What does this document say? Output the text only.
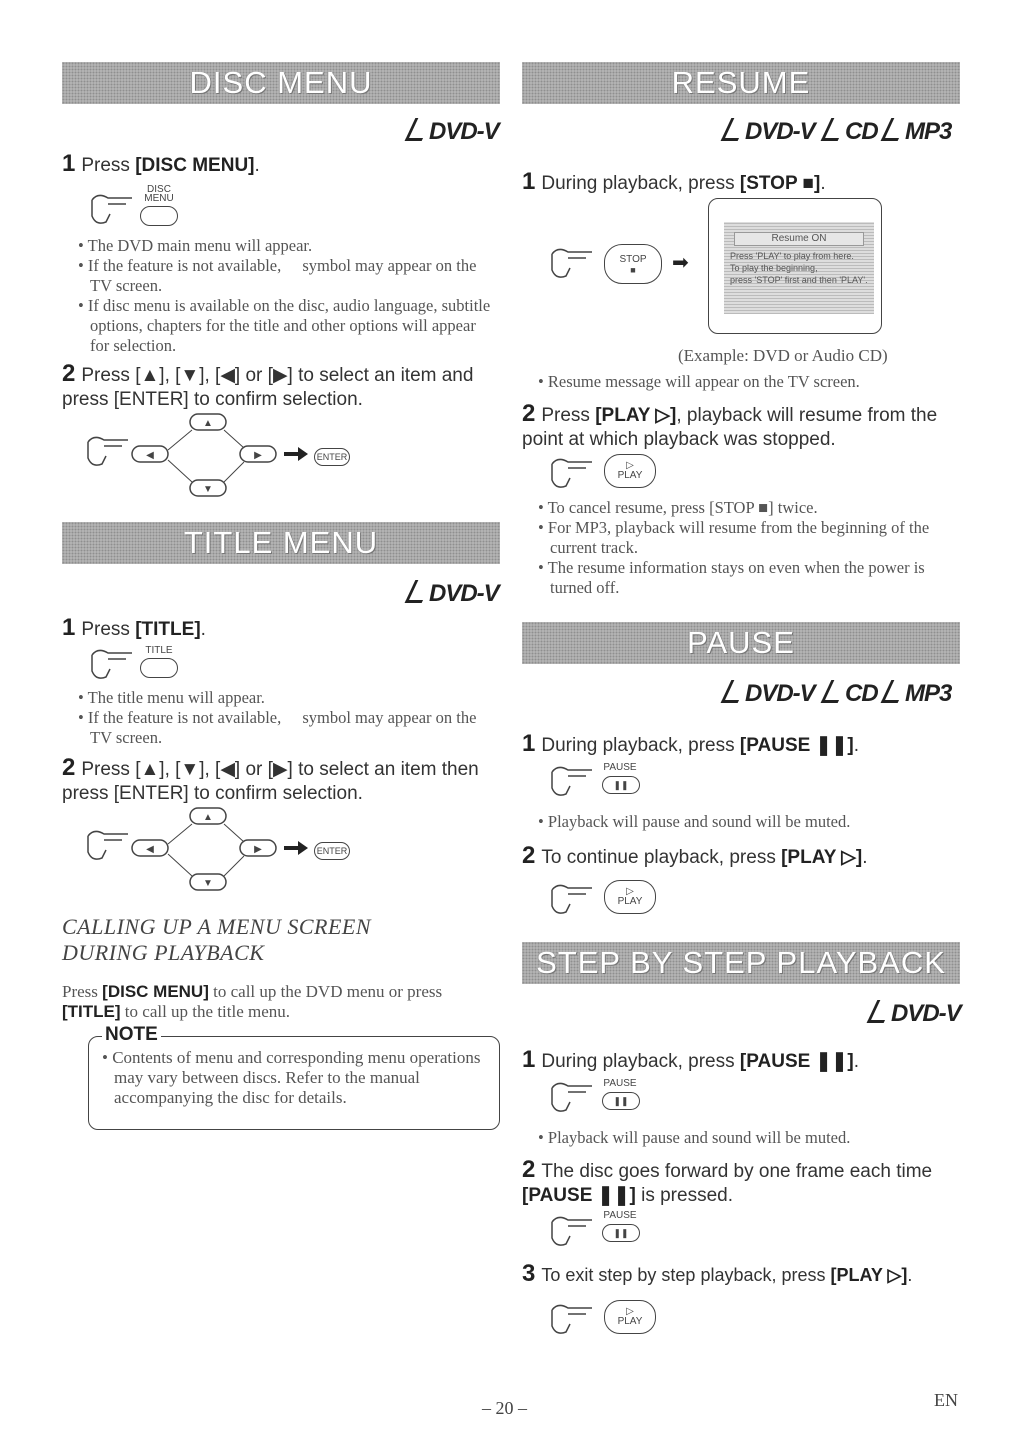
DISC MENU
DVD-V
1 Press [DISC MENU].
DISC
MENU
• The DVD main menu will appear.
• If the feature is not available, ⃠ symbol may appear on the TV screen.
• If disc menu is available on the disc, audio language, subtitle options, chapters for the title and other options will appear for selection.
2 Press [▲], [▼], [◀] or [▶] to select an item and press [ENTER] to confirm selection.
◀
▲
▶
▼
ENTER
TITLE MENU
DVD-V
1 Press [TITLE].
TITLE
• The title menu will appear.
• If the feature is not available, ⃠ symbol may appear on the TV screen.
2 Press [▲], [▼], [◀] or [▶] to select an item then press [ENTER] to confirm selection.
◀
▲
▶
▼
ENTER
CALLING UP A MENU SCREEN
DURING PLAYBACK
Press [DISC MENU] to call up the DVD menu or press [TITLE] to call up the title menu.
NOTE
• Contents of menu and corresponding menu operations may vary between discs. Refer to the manual accompanying the disc for details.
RESUME
DVD-V	CD	MP3
1 During playback, press [STOP ■].
STOP
■ ➡
Resume ON
Press 'PLAY' to play from here.
To play the beginning,
press 'STOP' first and then 'PLAY'.
(Example: DVD or Audio CD)
• Resume message will appear on the TV screen.
2 Press [PLAY ▷], playback will resume from the point at which playback was stopped.
▷
PLAY
• To cancel resume, press [STOP ■] twice.
• For MP3, playback will resume from the beginning of the current track.
• The resume information stays on even when the power is turned off.
PAUSE
DVD-V	CD	MP3
1 During playback, press [PAUSE ❚❚].
PAUSE
❚❚
• Playback will pause and sound will be muted.
2 To continue playback, press [PLAY ▷].
▷
PLAY
STEP BY STEP PLAYBACK
DVD-V
1 During playback, press [PAUSE ❚❚].
PAUSE
❚❚
• Playback will pause and sound will be muted.
2 The disc goes forward by one frame each time [PAUSE ❚❚] is pressed.
PAUSE
❚❚
3 To exit step by step playback, press [PLAY ▷].
▷
PLAY
– 20 –	EN
